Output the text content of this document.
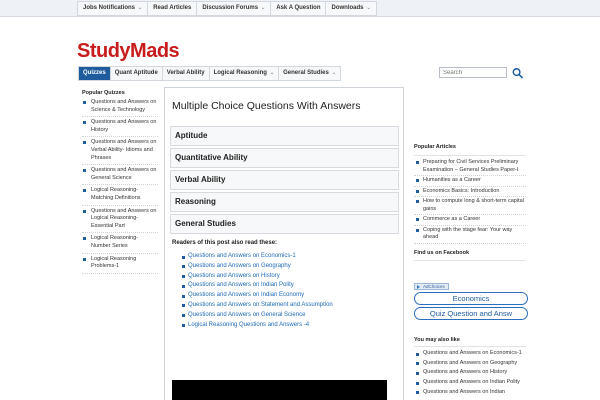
Jobs Notifications ⌄ Read Articles Discussion Forums ⌄ Ask A Question Downloads ⌄
StudyMads
Quizzes Quant Aptitude Verbal Ability Logical Reasoning ⌄ General Studies ⌄
Search
Popular Quizzes
Questions and Answers on Science & Technology
Questions and Answers on History
Questions and Answers on Verbal Ability- Idioms and Phrases
Questions and Answers on General Science
Logical Reasoning- Matching Definitions
Questions and Answers on Logical Reasoning- Essential Part
Logical Reasoning- Number Series
Logical Reasoning Problems-1
Multiple Choice Questions With Answers
Aptitude
Quantitative Ability
Verbal Ability
Reasoning
General Studies
Readers of this post also read these:
Questions and Answers on Economics-1
Questions and Answers on Geography
Questions and Answers on History
Questions and Answers on Indian Polity
Questions and Answers on Indian Economy
Questions and Answers on Statement and Assumption
Questions and Answers on General Science
Logical Reasoning Questions and Answers -4
Popular Articles
Preparing for Civil Services Preliminary Examination – General Studies Paper-I
Humanities as a Career
Economics Basics: Introduction
How to compute long & short-term capital gains
Commerce as a Career
Coping with the stage fear: Your way ahead
Find us on Facebook
AdChoices
Economics
Quiz Question and Answ
You may also like
Questions and Answers on Economics-1
Questions and Answers on Geography
Questions and Answers on History
Questions and Answers on Indian Polity
Questions and Answers on Indian
